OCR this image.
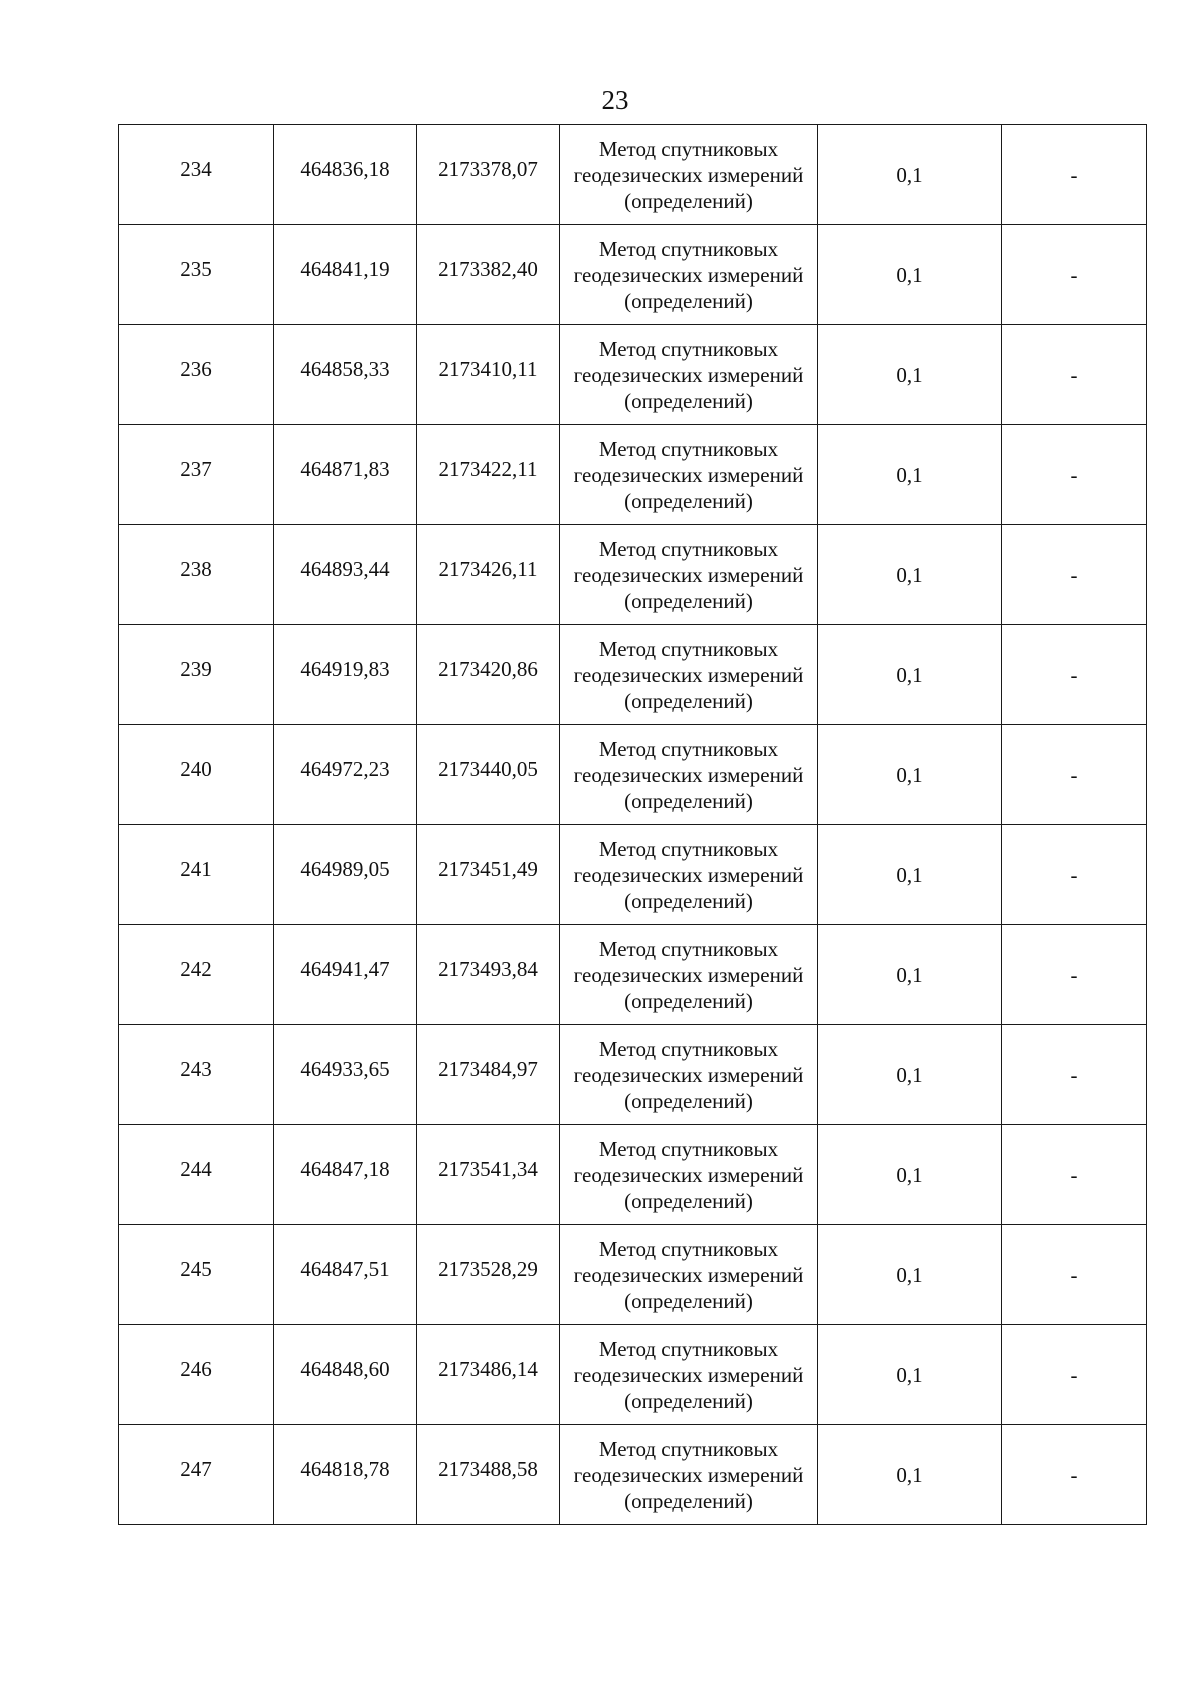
23
234	464836,18	2173378,07	Метод спутниковых
геодезических измерений
(определений)	0,1	-
235	464841,19	2173382,40	Метод спутниковых
геодезических измерений
(определений)	0,1	-
236	464858,33	2173410,11	Метод спутниковых
геодезических измерений
(определений)	0,1	-
237	464871,83	2173422,11	Метод спутниковых
геодезических измерений
(определений)	0,1	-
238	464893,44	2173426,11	Метод спутниковых
геодезических измерений
(определений)	0,1	-
239	464919,83	2173420,86	Метод спутниковых
геодезических измерений
(определений)	0,1	-
240	464972,23	2173440,05	Метод спутниковых
геодезических измерений
(определений)	0,1	-
241	464989,05	2173451,49	Метод спутниковых
геодезических измерений
(определений)	0,1	-
242	464941,47	2173493,84	Метод спутниковых
геодезических измерений
(определений)	0,1	-
243	464933,65	2173484,97	Метод спутниковых
геодезических измерений
(определений)	0,1	-
244	464847,18	2173541,34	Метод спутниковых
геодезических измерений
(определений)	0,1	-
245	464847,51	2173528,29	Метод спутниковых
геодезических измерений
(определений)	0,1	-
246	464848,60	2173486,14	Метод спутниковых
геодезических измерений
(определений)	0,1	-
247	464818,78	2173488,58	Метод спутниковых
геодезических измерений
(определений)	0,1	-
